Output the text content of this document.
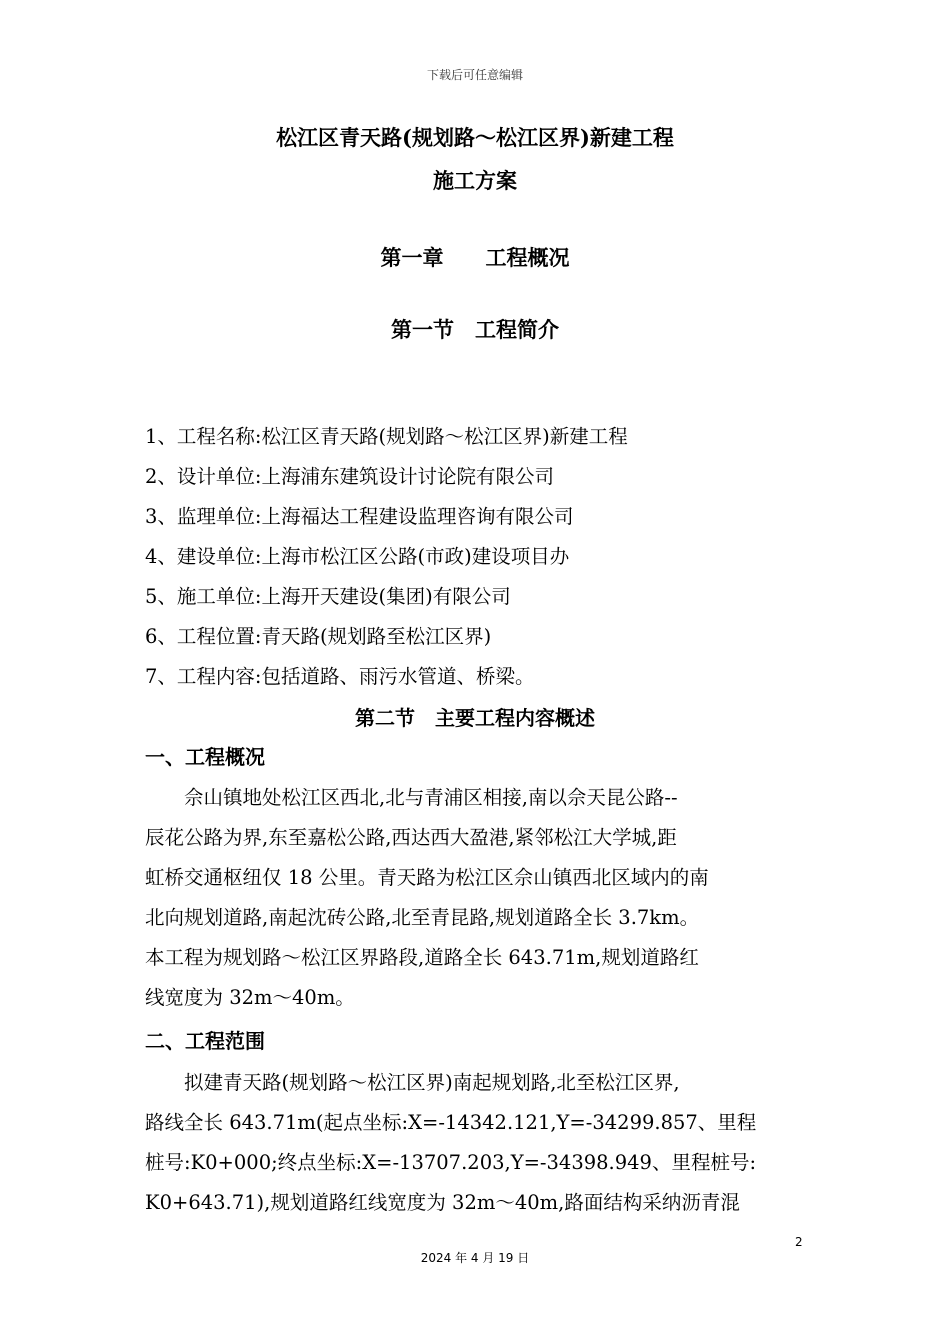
下载后可任意编辑
松江区青天路(规划路～松江区界)新建工程
施工方案
第一章　　工程概况
第一节　工程简介
1、工程名称:松江区青天路(规划路～松江区界)新建工程
2、设计单位:上海浦东建筑设计讨论院有限公司
3、监理单位:上海福达工程建设监理咨询有限公司
4、建设单位:上海市松江区公路(市政)建设项目办
5、施工单位:上海开天建设(集团)有限公司
6、工程位置:青天路(规划路至松江区界)
7、工程内容:包括道路、雨污水管道、桥梁。
第二节　主要工程内容概述
一、工程概况
　　佘山镇地处松江区西北,北与青浦区相接,南以佘天昆公路--
辰花公路为界,东至嘉松公路,西达西大盈港,紧邻松江大学城,距
虹桥交通枢纽仅 18 公里。青天路为松江区佘山镇西北区域内的南
北向规划道路,南起沈砖公路,北至青昆路,规划道路全长 3.7km。
本工程为规划路～松江区界路段,道路全长 643.71m,规划道路红
线宽度为 32m～40m。
二、工程范围
　　拟建青天路(规划路～松江区界)南起规划路,北至松江区界,
路线全长 643.71m(起点坐标:X=-14342.121,Y=-34299.857、里程
桩号:K0+000;终点坐标:X=-13707.203,Y=-34398.949、里程桩号:
K0+643.71),规划道路红线宽度为 32m～40m,路面结构采纳沥青混
2
2024 年 4 月 19 日
